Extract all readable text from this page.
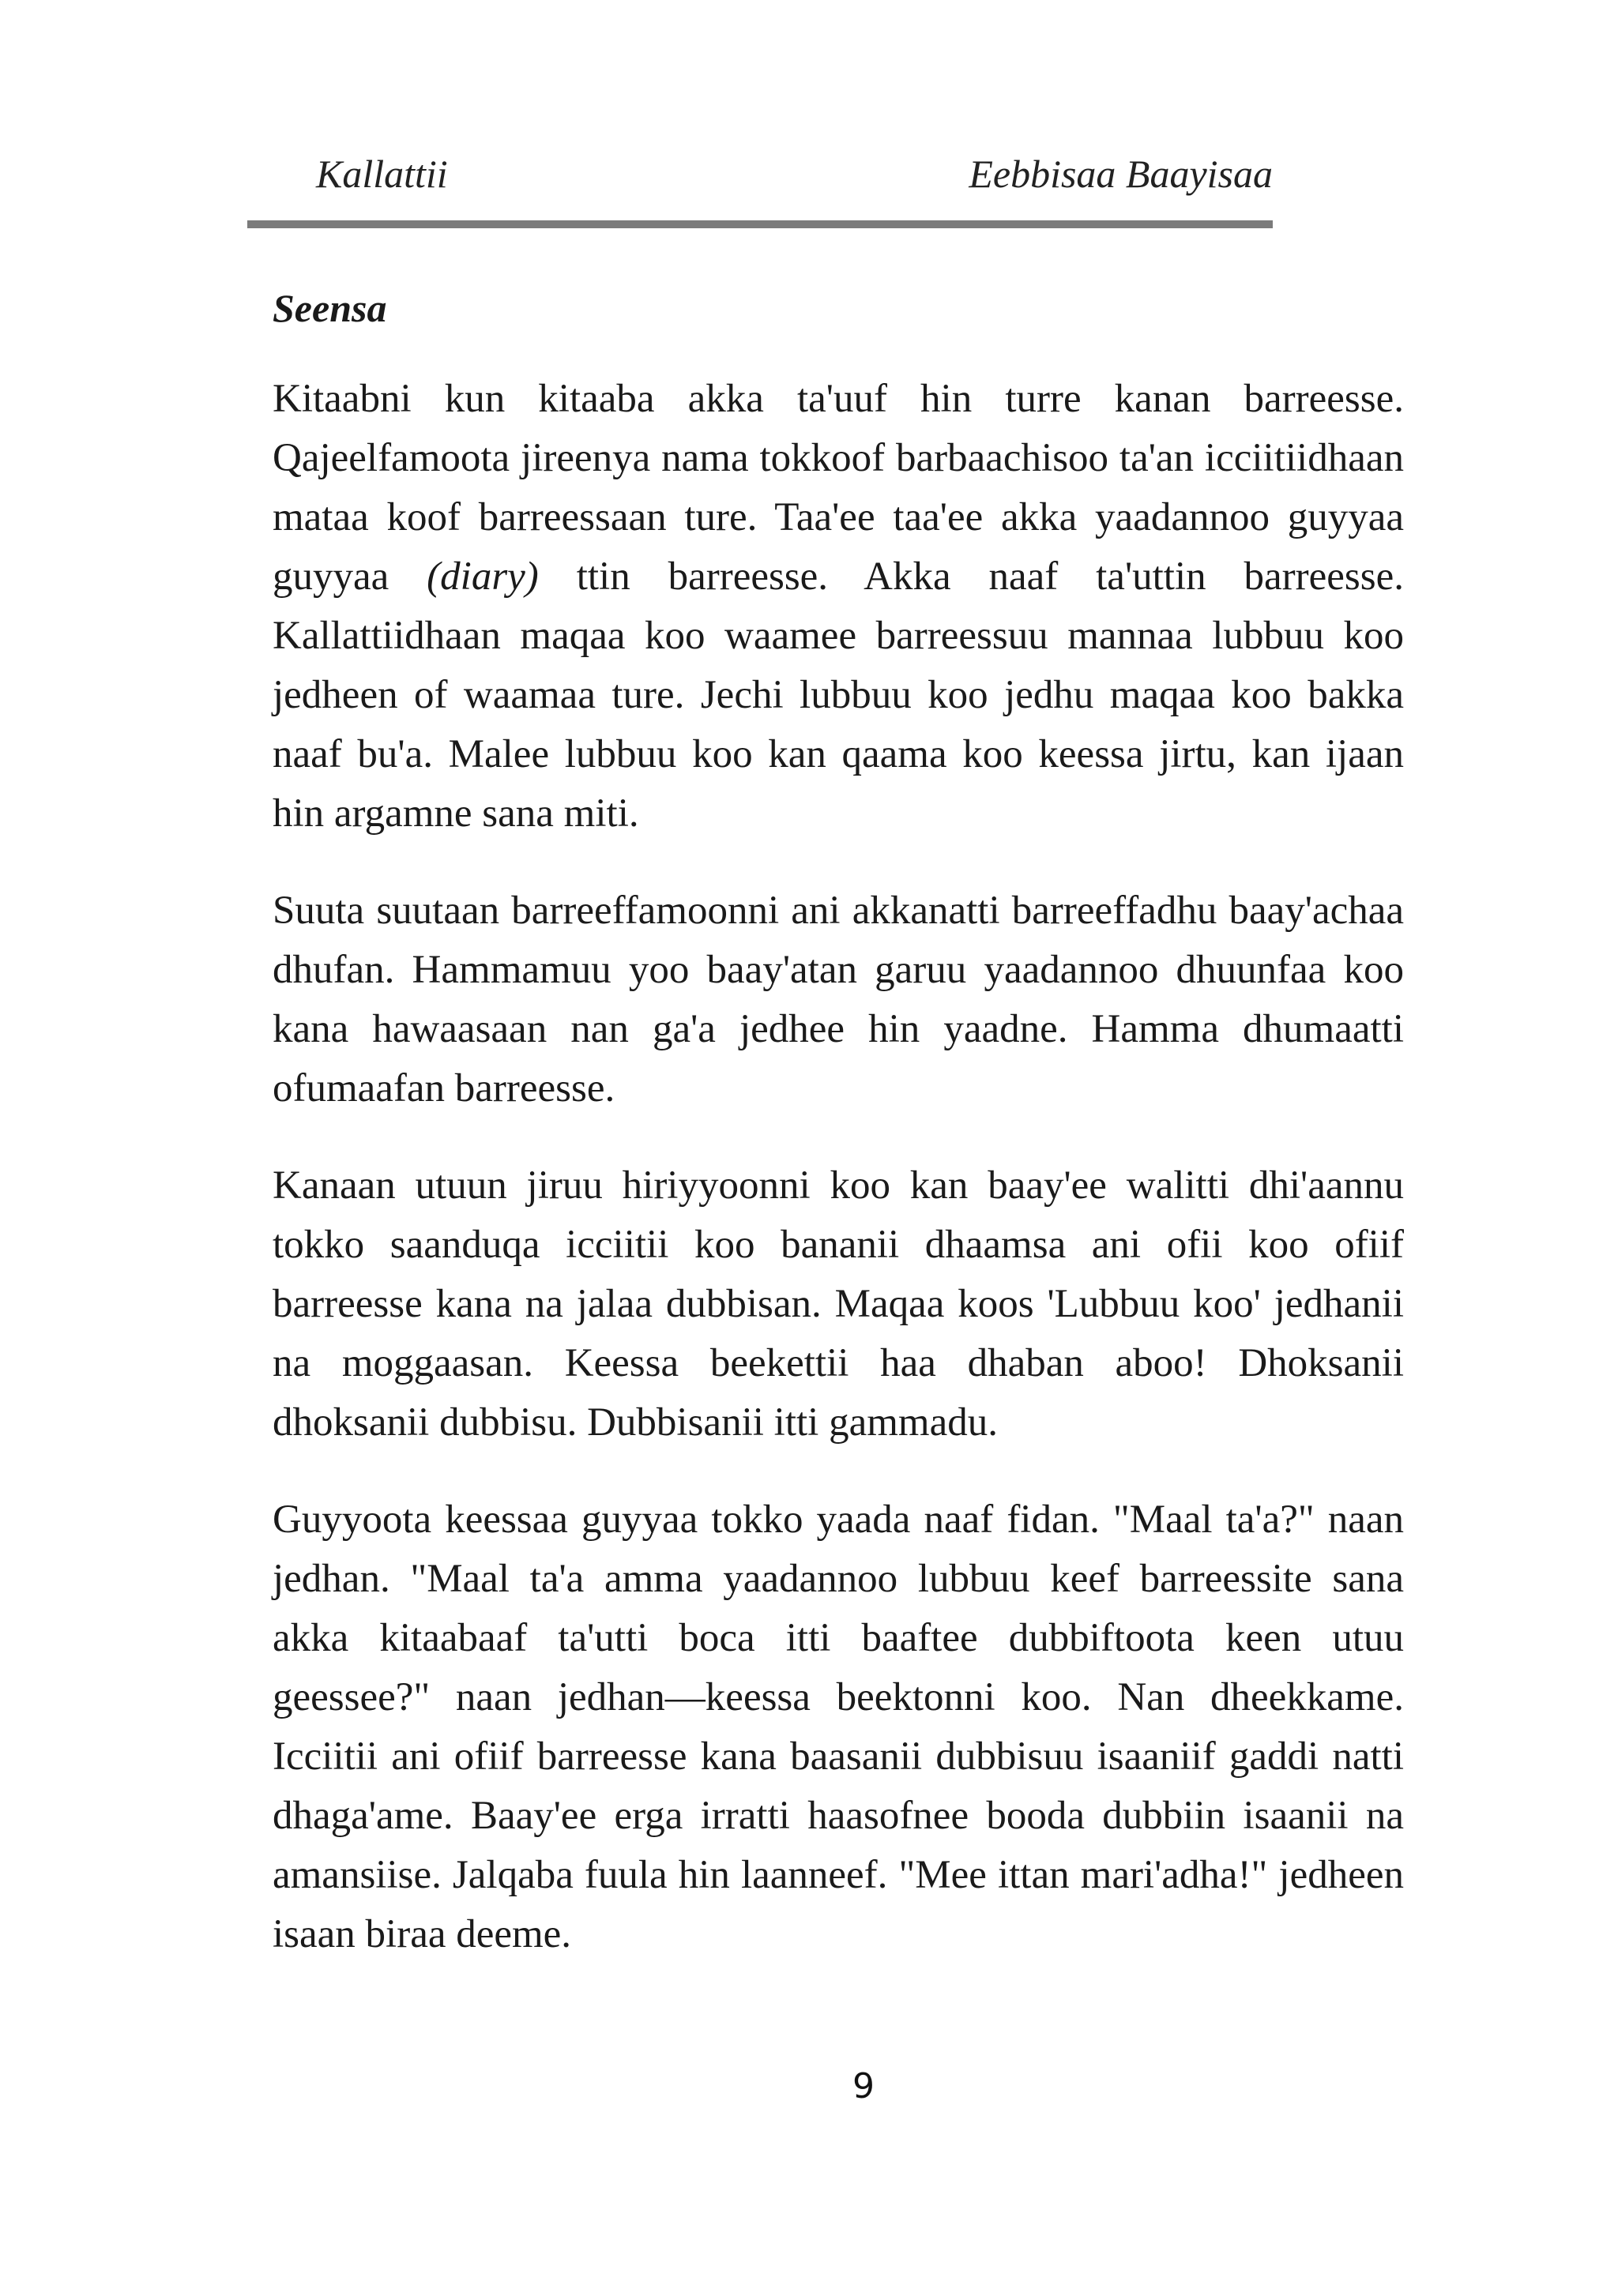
Kallattii	Eebbisaa Baayisaa
Seensa

Kitaabni kun kitaaba akka ta'uuf hin turre kanan barreesse. Qajeelfamoota jireenya nama tokkoof barbaachisoo ta'an icciitiidhaan mataa koof barreessaan ture. Taa'ee taa'ee akka yaadannoo guyyaa guyyaa (diary) ttin barreesse. Akka naaf ta'uttin barreesse. Kallattiidhaan maqaa koo waamee barreessuu mannaa lubbuu koo jedheen of waamaa ture. Jechi lubbuu koo jedhu maqaa koo bakka naaf bu'a. Malee lubbuu koo kan qaama koo keessa jirtu, kan ijaan hin argamne sana miti.

Suuta suutaan barreeffamoonni ani akkanatti barreeffadhu baay'achaa dhufan. Hammamuu yoo baay'atan garuu yaadannoo dhuunfaa koo kana hawaasaan nan ga'a jedhee hin yaadne. Hamma dhumaatti ofumaafan barreesse.

Kanaan utuun jiruu hiriyyoonni koo kan baay'ee walitti dhi'aannu tokko saanduqa icciitii koo bananii dhaamsa ani ofii koo ofiif barreesse kana na jalaa dubbisan. Maqaa koos 'Lubbuu koo' jedhanii na moggaasan. Keessa beekettii haa dhaban aboo! Dhoksanii dhoksanii dubbisu. Dubbisanii itti gammadu.

Guyyoota keessaa guyyaa tokko yaada naaf fidan. "Maal ta'a?" naan jedhan. "Maal ta'a amma yaadannoo lubbuu keef barreessite sana akka kitaabaaf ta'utti boca itti baaftee dubbiftoota keen utuu geessee?" naan jedhan—keessa beektonni koo. Nan dheekkame. Icciitii ani ofiif barreesse kana baasanii dubbisuu isaaniif gaddi natti dhaga'ame. Baay'ee erga irratti haasofnee booda dubbiin isaanii na amansiise. Jalqaba fuula hin laanneef. "Mee ittan mari'adha!" jedheen isaan biraa deeme.

9
